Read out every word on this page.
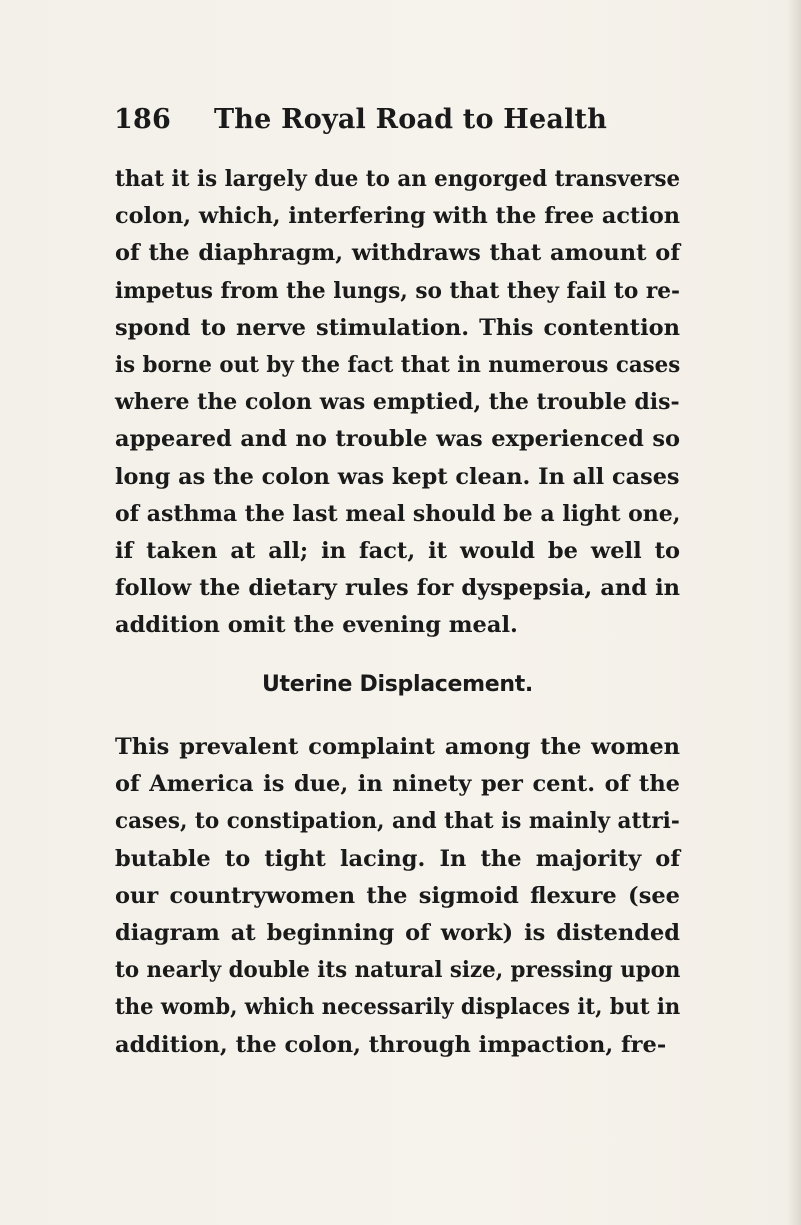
186 The Royal Road to Health
that it is largely due to an engorged transverse
colon, which, interfering with the free action
of the diaphragm, withdraws that amount of
impetus from the lungs, so that they fail to re-
spond to nerve stimulation. This contention
is borne out by the fact that in numerous cases
where the colon was emptied, the trouble dis-
appeared and no trouble was experienced so
long as the colon was kept clean. In all cases
of asthma the last meal should be a light one,
if taken at all; in fact, it would be well to
follow the dietary rules for dyspepsia, and in
addition omit the evening meal.
Uterine Displacement.
This prevalent complaint among the women
of America is due, in ninety per cent. of the
cases, to constipation, and that is mainly attri-
butable to tight lacing. In the majority of
our countrywomen the sigmoid flexure (see
diagram at beginning of work) is distended
to nearly double its natural size, pressing upon
the womb, which necessarily displaces it, but in
addition, the colon, through impaction, fre-
